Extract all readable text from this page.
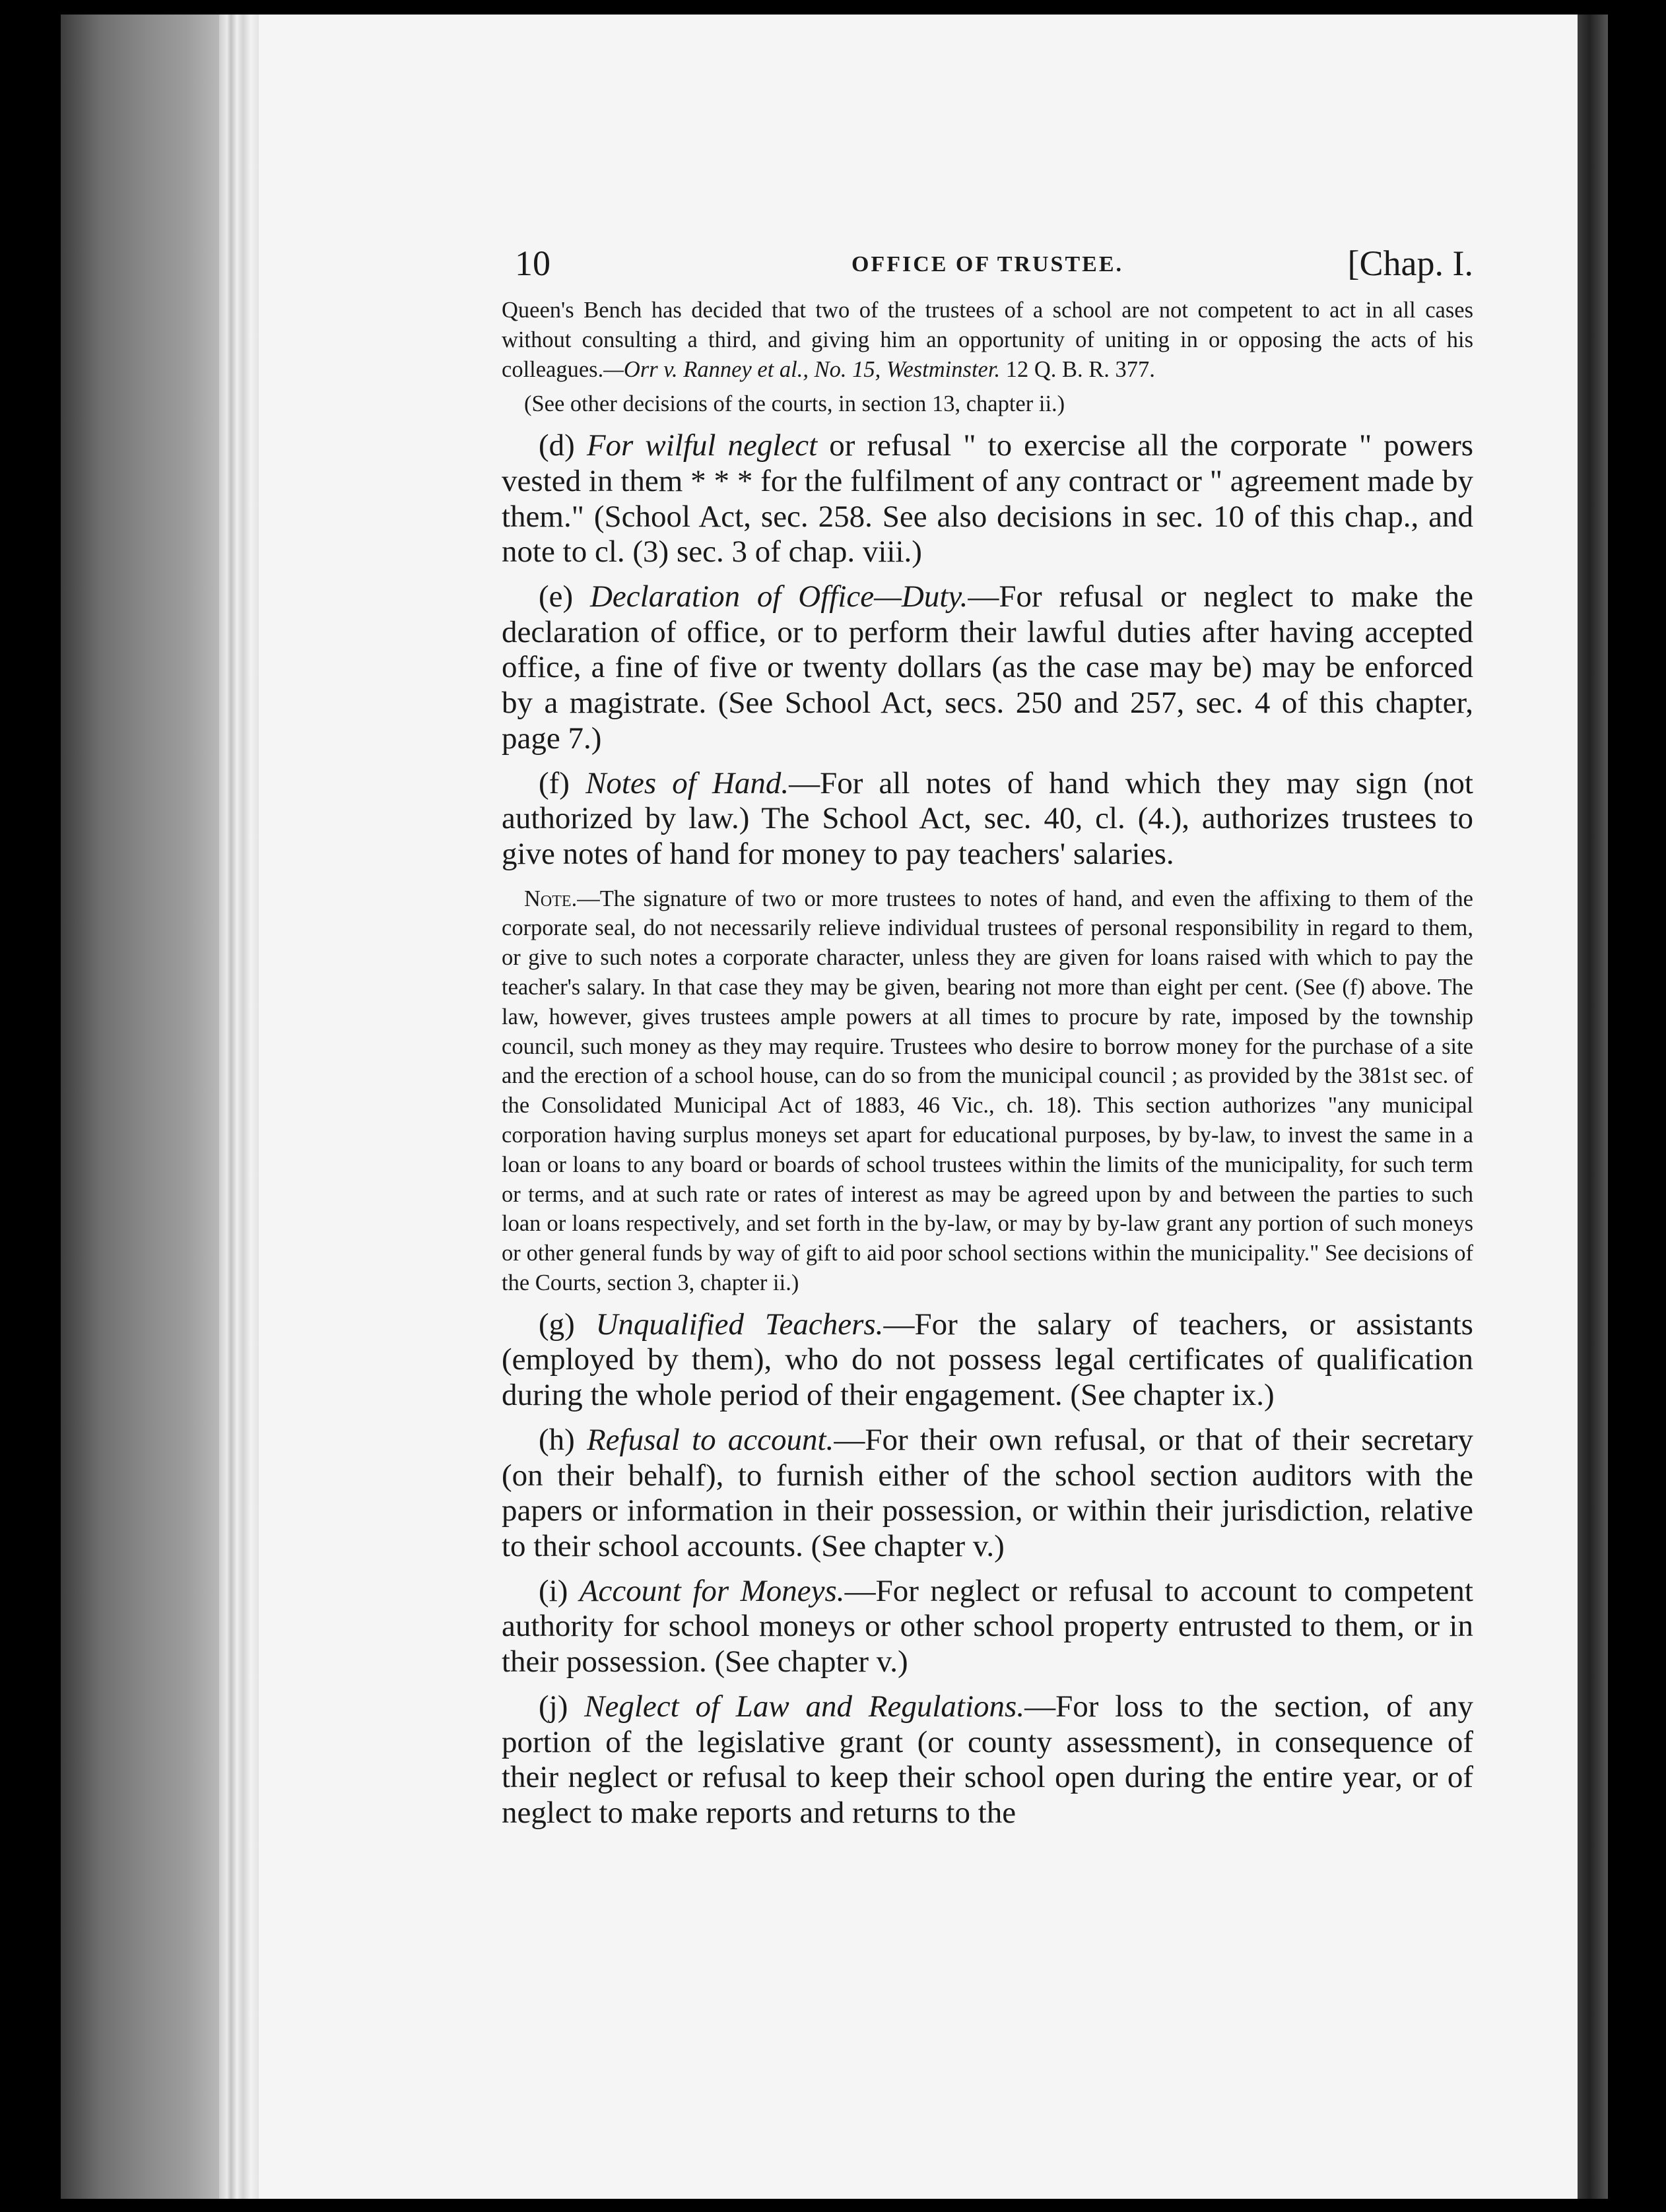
10	OFFICE OF TRUSTEE.	[Chap. I.

Queen's Bench has decided that two of the trustees of a school are not competent to act in all cases without consulting a third, and giving him an opportunity of uniting in or opposing the acts of his colleagues.—Orr v. Ranney et al., No. 15, Westminster. 12 Q. B. R. 377.

(See other decisions of the courts, in section 13, chapter ii.)

(d) For wilful neglect or refusal " to exercise all the corporate " powers vested in them * * * for the fulfilment of any contract or " agreement made by them." (School Act, sec. 258. See also decisions in sec. 10 of this chap., and note to cl. (3) sec. 3 of chap. viii.)

(e) Declaration of Office—Duty.—For refusal or neglect to make the declaration of office, or to perform their lawful duties after having accepted office, a fine of five or twenty dollars (as the case may be) may be enforced by a magistrate. (See School Act, secs. 250 and 257, sec. 4 of this chapter, page 7.)

(f) Notes of Hand.—For all notes of hand which they may sign (not authorized by law.) The School Act, sec. 40, cl. (4.), authorizes trustees to give notes of hand for money to pay teachers' salaries.

Note.—The signature of two or more trustees to notes of hand, and even the affixing to them of the corporate seal, do not necessarily relieve individual trustees of personal responsibility in regard to them, or give to such notes a corporate character, unless they are given for loans raised with which to pay the teacher's salary. In that case they may be given, bearing not more than eight per cent. (See (f) above. The law, however, gives trustees ample powers at all times to procure by rate, imposed by the township council, such money as they may require. Trustees who desire to borrow money for the purchase of a site and the erection of a school house, can do so from the municipal council ; as provided by the 381st sec. of the Consolidated Municipal Act of 1883, 46 Vic., ch. 18). This section authorizes "any municipal corporation having surplus moneys set apart for educational purposes, by by-law, to invest the same in a loan or loans to any board or boards of school trustees within the limits of the municipality, for such term or terms, and at such rate or rates of interest as may be agreed upon by and between the parties to such loan or loans respectively, and set forth in the by-law, or may by by-law grant any portion of such moneys or other general funds by way of gift to aid poor school sections within the municipality." See decisions of the Courts, section 3, chapter ii.)

(g) Unqualified Teachers.—For the salary of teachers, or assistants (employed by them), who do not possess legal certificates of qualification during the whole period of their engagement. (See chapter ix.)

(h) Refusal to account.—For their own refusal, or that of their secretary (on their behalf), to furnish either of the school section auditors with the papers or information in their possession, or within their jurisdiction, relative to their school accounts. (See chapter v.)

(i) Account for Moneys.—For neglect or refusal to account to competent authority for school moneys or other school property entrusted to them, or in their possession. (See chapter v.)

(j) Neglect of Law and Regulations.—For loss to the section, of any portion of the legislative grant (or county assessment), in consequence of their neglect or refusal to keep their school open during the entire year, or of neglect to make reports and returns to the
